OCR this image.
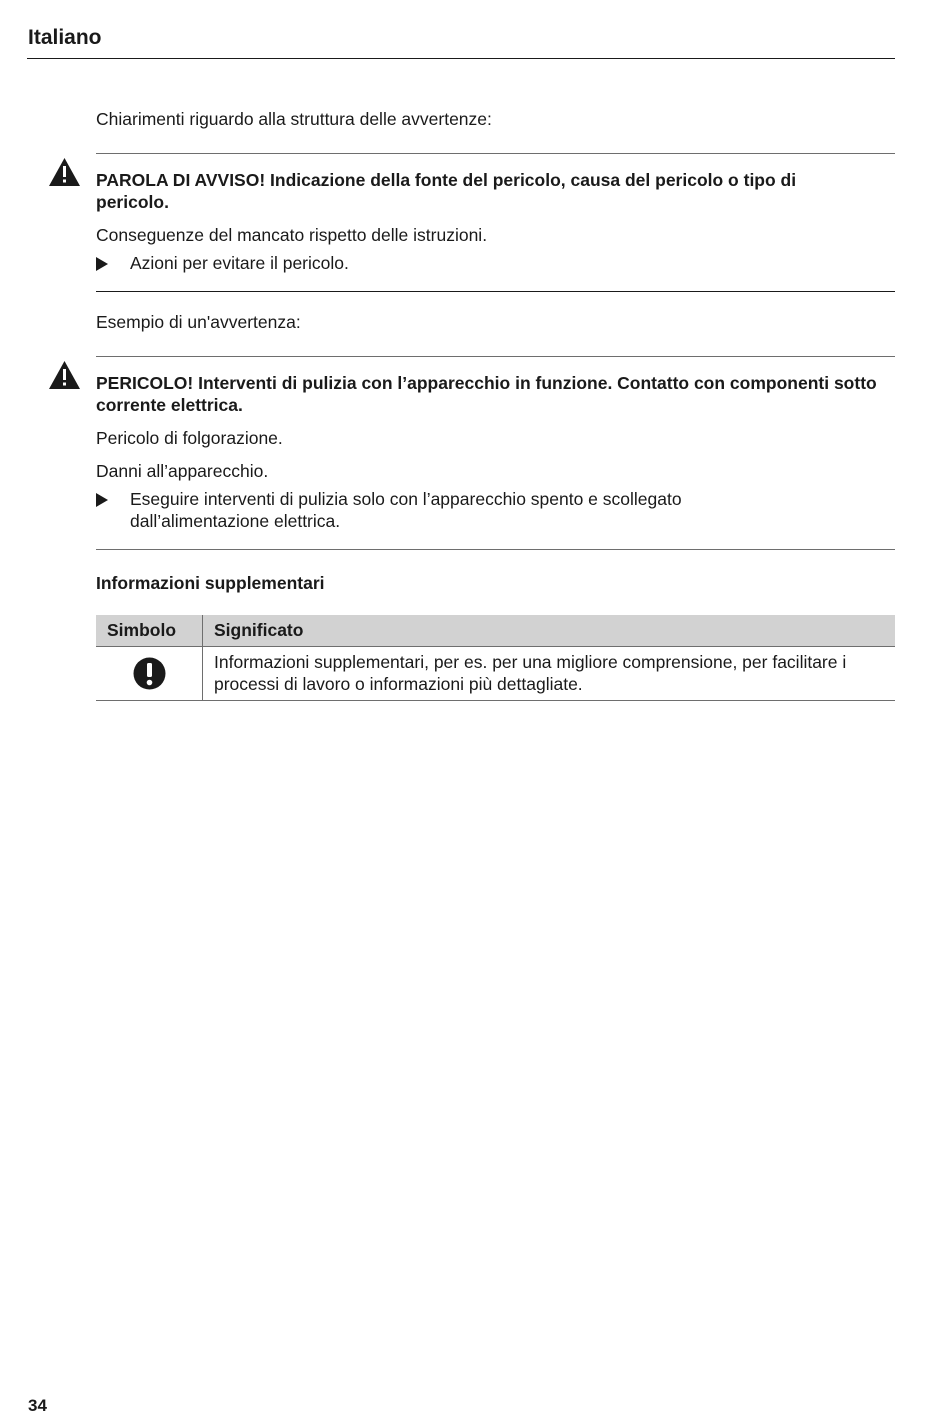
Italiano

Chiarimenti riguardo alla struttura delle avvertenze:

PAROLA DI AVVISO! Indicazione della fonte del pericolo, causa del pericolo o tipo di pericolo.

Conseguenze del mancato rispetto delle istruzioni.

Azioni per evitare il pericolo.

Esempio di un'avvertenza:

PERICOLO! Interventi di pulizia con l’apparecchio in funzione. Contatto con componenti sotto corrente elettrica.

Pericolo di folgorazione.

Danni all’apparecchio.

Eseguire interventi di pulizia solo con l’apparecchio spento e scollegato dall’alimentazione elettrica.

Informazioni supplementari

Simbolo	Significato

	Informazioni supplementari, per es. per una migliore comprensione, per facilitare i processi di lavoro o informazioni più dettagliate.
34
